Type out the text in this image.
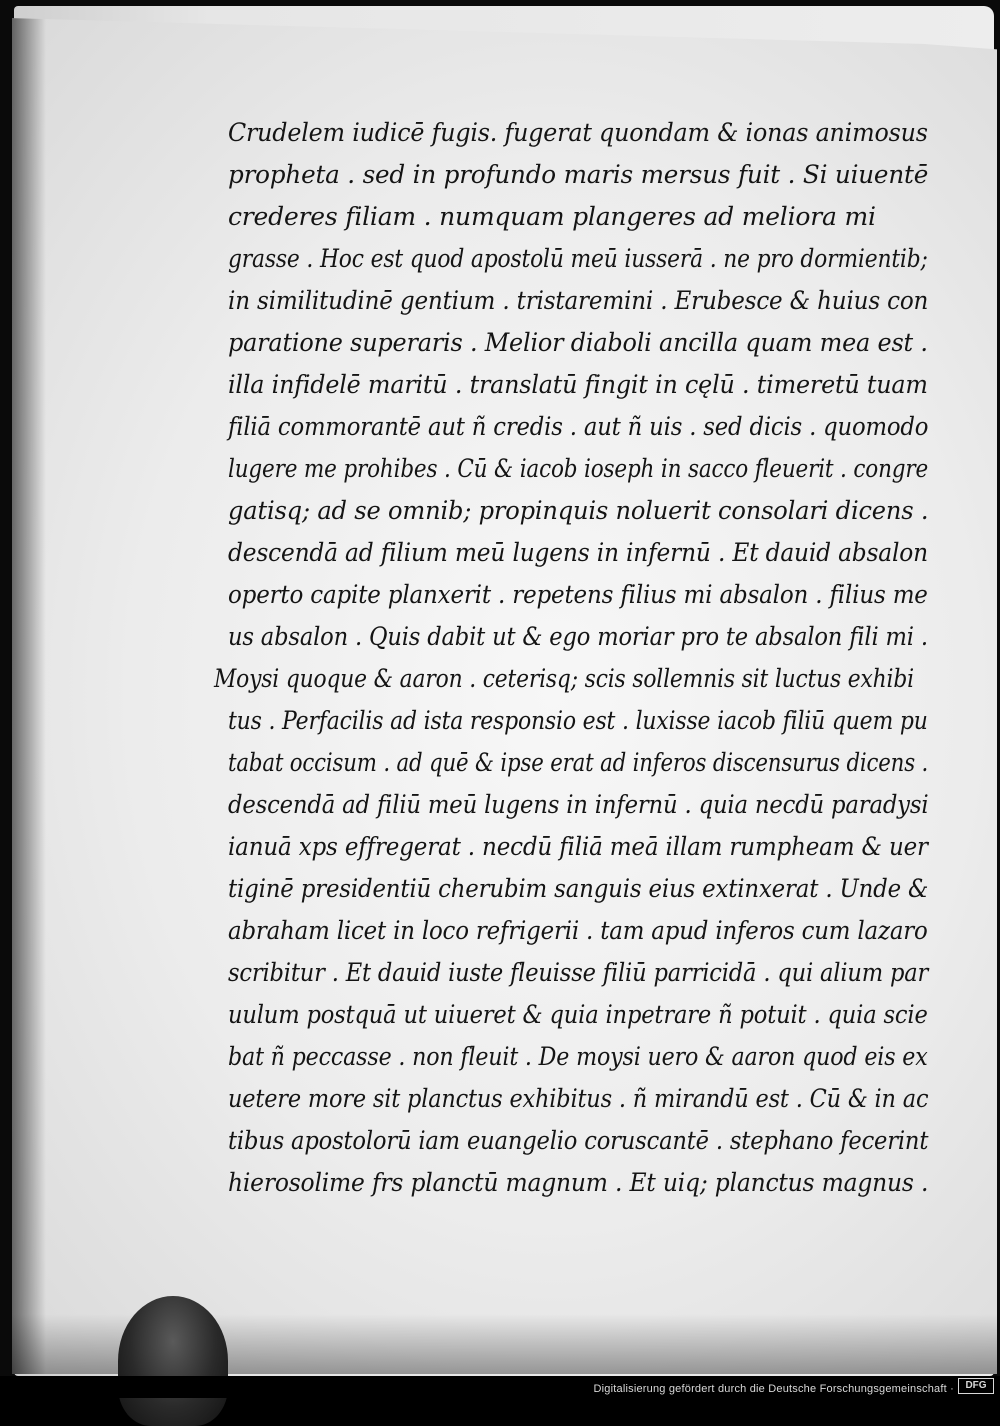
Crudelem iudicē fugis. fugerat quondam & ionas animosus
propheta . sed in profundo maris mersus fuit . Si uiuentē
crederes filiam . numquam plangeres ad meliora mi
grasse . Hoc est quod apostolū meū iusserā . ne pro dormientib;
in similitudinē gentium . tristaremini . Erubesce & huius con
paratione superaris . Melior diaboli ancilla quam mea est .
illa infidelē maritū . translatū fingit in cęlū . timeretū tuam
filiā commorantē aut ñ credis . aut ñ uis . sed dicis . quomodo
lugere me prohibes . Cū & iacob ioseph in sacco fleuerit . congre
gatisq; ad se omnib; propinquis noluerit consolari dicens .
descendā ad filium meū lugens in infernū . Et dauid absalon
operto capite planxerit . repetens filius mi absalon . filius me
us absalon . Quis dabit ut & ego moriar pro te absalon fili mi .
Moysi quoque & aaron . ceterisq; scis sollemnis sit luctus exhibi
tus . Perfacilis ad ista responsio est . luxisse iacob filiū quem pu
tabat occisum . ad quē & ipse erat ad inferos discensurus dicens .
descendā ad filiū meū lugens in infernū . quia necdū paradysi
ianuā xps effregerat . necdū filiā meā illam rumpheam & uer
tiginē presidentiū cherubim sanguis eius extinxerat . Unde &
abraham licet in loco refrigerii . tam apud inferos cum lazaro
scribitur . Et dauid iuste fleuisse filiū parricidā . qui alium par
uulum postquā ut uiueret & quia inpetrare ñ potuit . quia scie
bat ñ peccasse . non fleuit . De moysi uero & aaron quod eis ex
uetere more sit planctus exhibitus . ñ mirandū est . Cū & in ac
tibus apostolorū iam euangelio coruscantē . stephano fecerint
hierosolime frs planctū magnum . Et uiq; planctus magnus .
Digitalisierung gefördert durch die Deutsche Forschungsgemeinschaft ·	DFG
